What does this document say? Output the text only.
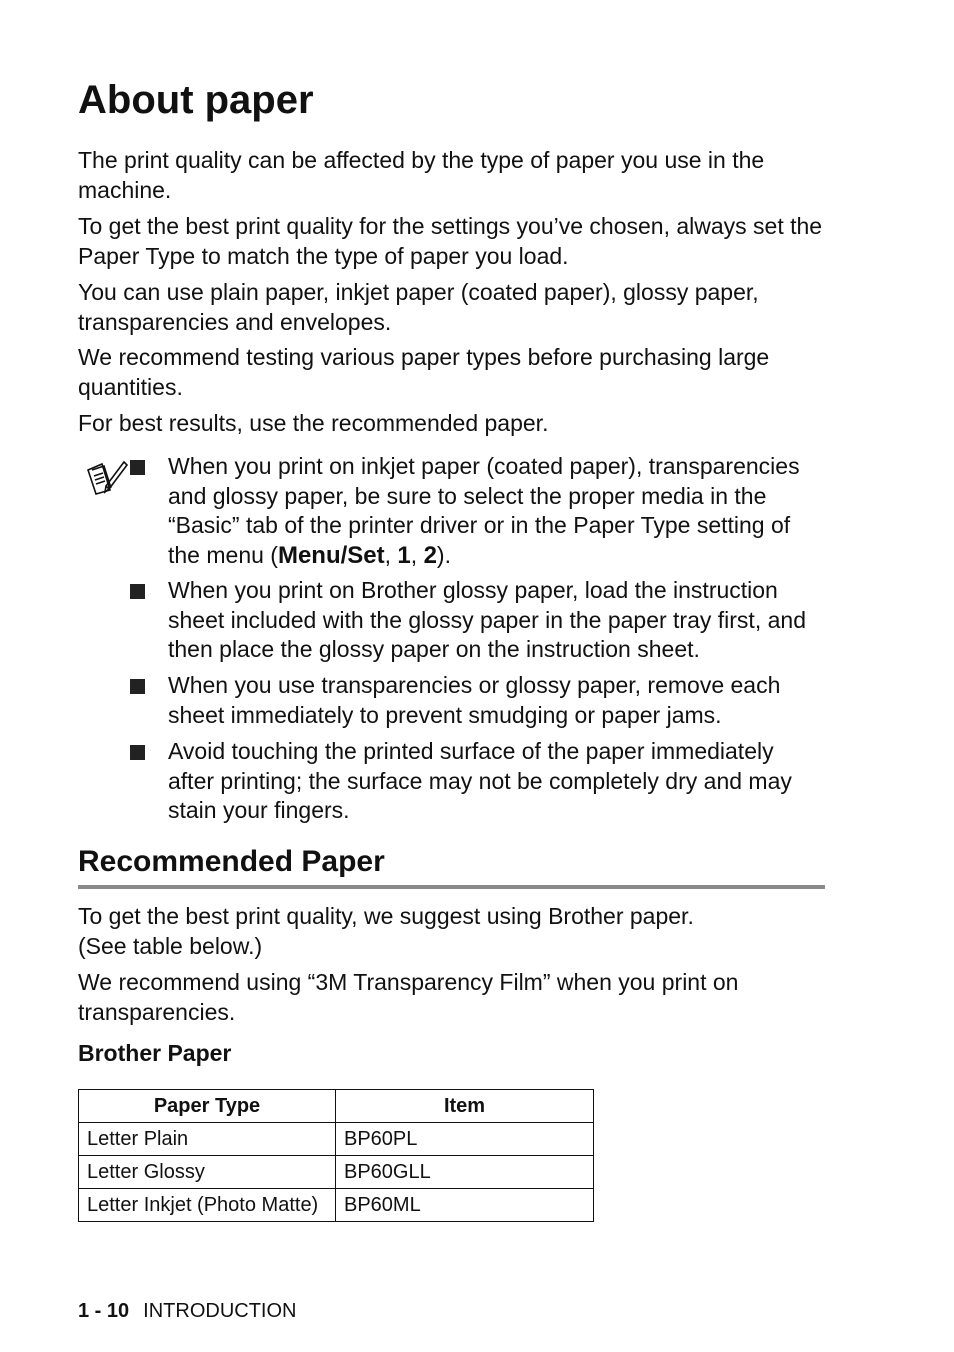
About paper

The print quality can be affected by the type of paper you use in the machine.

To get the best print quality for the settings you’ve chosen, always set the Paper Type to match the type of paper you load.

You can use plain paper, inkjet paper (coated paper), glossy paper, transparencies and envelopes.

We recommend testing various paper types before purchasing large quantities.

For best results, use the recommended paper.

When you print on inkjet paper (coated paper), transparencies and glossy paper, be sure to select the proper media in the “Basic” tab of the printer driver or in the Paper Type setting of the menu (Menu/Set, 1, 2).
When you print on Brother glossy paper, load the instruction sheet included with the glossy paper in the paper tray first, and then place the glossy paper on the instruction sheet.
When you use transparencies or glossy paper, remove each sheet immediately to prevent smudging or paper jams.
Avoid touching the printed surface of the paper immediately after printing; the surface may not be completely dry and may stain your fingers.
Recommended Paper

To get the best print quality, we suggest using Brother paper.
(See table below.)

We recommend using “3M Transparency Film” when you print on transparencies.

Brother Paper
Paper Type	Item
Letter Plain	BP60PL
Letter Glossy	BP60GLL
Letter Inkjet (Photo Matte)	BP60ML
1 - 10 INTRODUCTION
